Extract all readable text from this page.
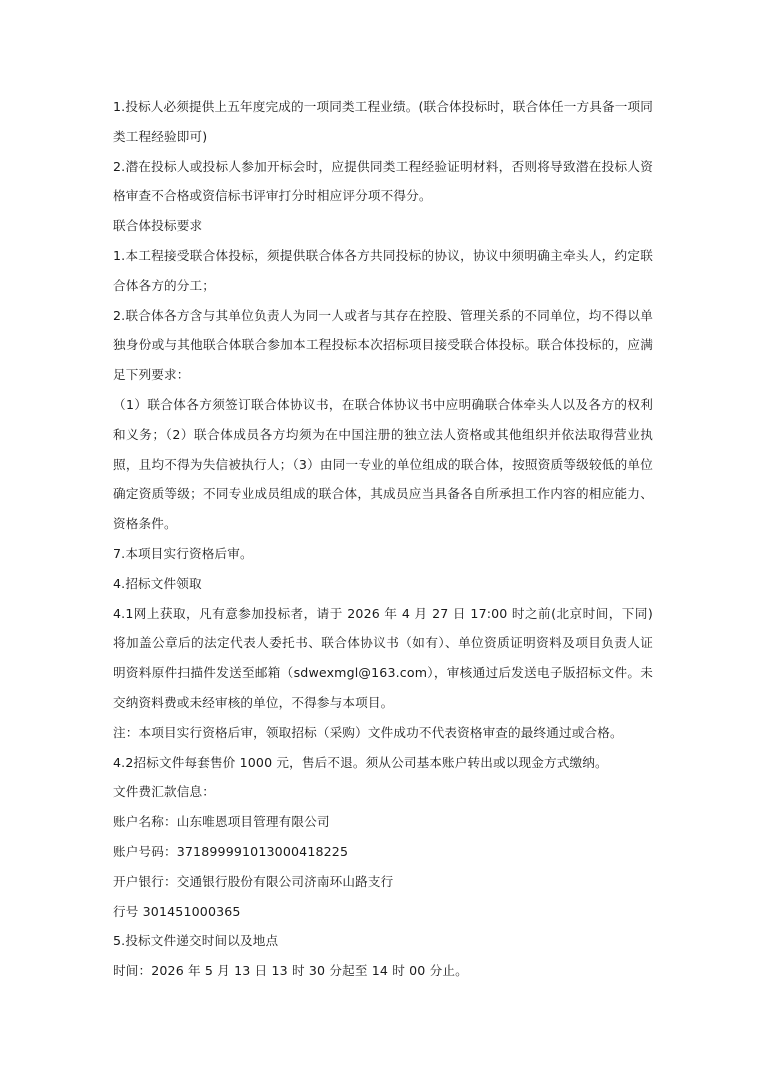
1.投标人必须提供上五年度完成的一项同类工程业绩。(联合体投标时，联合体任一方具备一项同类工程经验即可)

2.潜在投标人或投标人参加开标会时，应提供同类工程经验证明材料，否则将导致潜在投标人资格审查不合格或资信标书评审打分时相应评分项不得分。

联合体投标要求

1.本工程接受联合体投标，须提供联合体各方共同投标的协议，协议中须明确主牵头人，约定联合体各方的分工；

2.联合体各方含与其单位负责人为同一人或者与其存在控股、管理关系的不同单位，均不得以单独身份或与其他联合体联合参加本工程投标本次招标项目接受联合体投标。联合体投标的，应满足下列要求：

（1）联合体各方须签订联合体协议书，在联合体协议书中应明确联合体牵头人以及各方的权利和义务；（2）联合体成员各方均须为在中国注册的独立法人资格或其他组织并依法取得营业执照，且均不得为失信被执行人；（3）由同一专业的单位组成的联合体，按照资质等级较低的单位确定资质等级；不同专业成员组成的联合体，其成员应当具备各自所承担工作内容的相应能力、资格条件。

7.本项目实行资格后审。

4.招标文件领取

4.1网上获取，凡有意参加投标者，请于 2026 年 4 月 27 日 17:00 时之前(北京时间，下同)将加盖公章后的法定代表人委托书、联合体协议书（如有）、单位资质证明资料及项目负责人证明资料原件扫描件发送至邮箱（sdwexmgl@163.com），审核通过后发送电子版招标文件。未交纳资料费或未经审核的单位，不得参与本项目。

注：本项目实行资格后审，领取招标（采购）文件成功不代表资格审查的最终通过或合格。

4.2招标文件每套售价 1000 元，售后不退。须从公司基本账户转出或以现金方式缴纳。

文件费汇款信息：

账户名称：山东唯恩项目管理有限公司

账户号码：371899991013000418225

开户银行：交通银行股份有限公司济南环山路支行

行号 301451000365

5.投标文件递交时间以及地点

时间：2026 年 5 月 13 日 13 时 30 分起至 14 时 00 分止。
